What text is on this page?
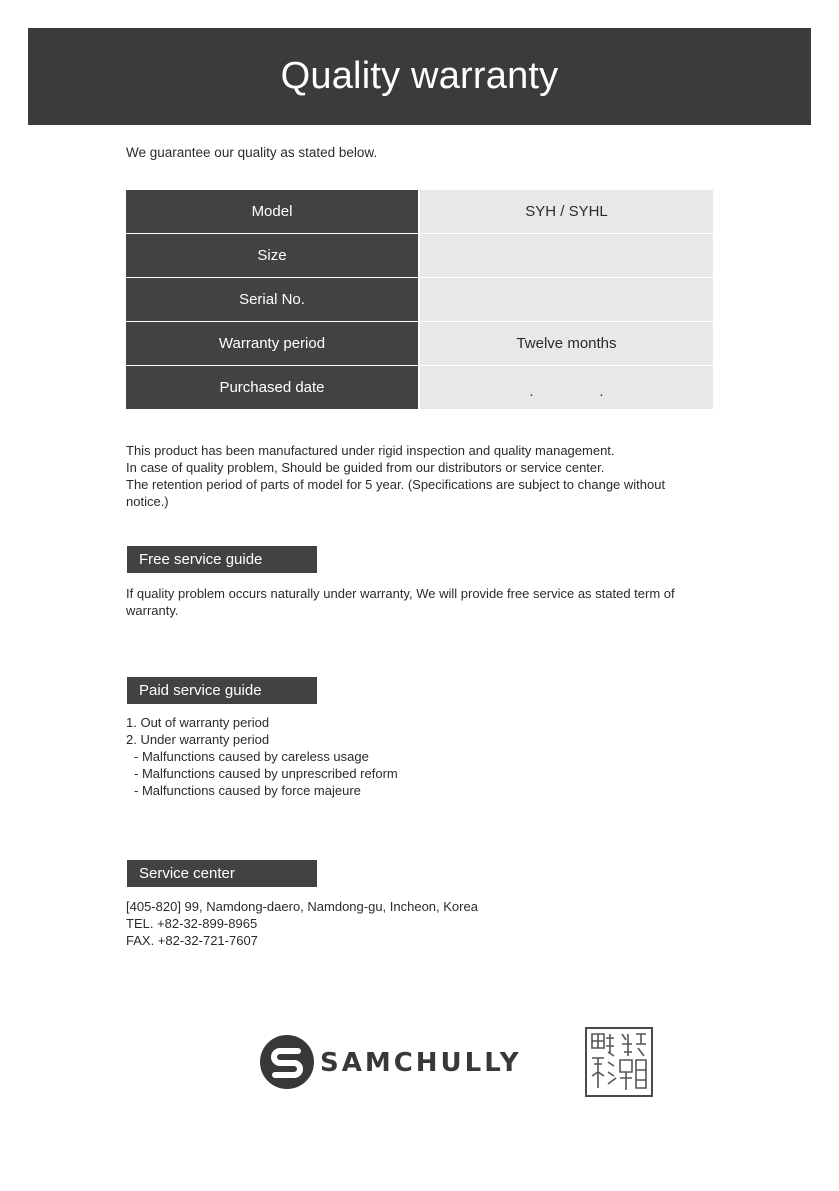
Quality warranty
We guarantee our quality as stated below.
Model	SYH / SYHL
Size	
Serial No.	
Warranty period	Twelve months
Purchased date	. .

This product has been manufactured under rigid inspection and quality management.

In case of quality problem, Should be guided from our distributors or service center.

The retention period of parts of model for 5 year. (Specifications are subject to change without notice.)

Free service guide

If quality problem occurs naturally under warranty, We will provide free service as stated term of warranty.

Paid service guide

1. Out of warranty period

2. Under warranty period

- Malfunctions caused by careless usage

- Malfunctions caused by unprescribed reform

- Malfunctions caused by force majeure

Service center

[405-820] 99, Namdong-daero, Namdong-gu, Incheon, Korea

TEL. +82-32-899-8965

FAX. +82-32-721-7607

SAMCHULLY
